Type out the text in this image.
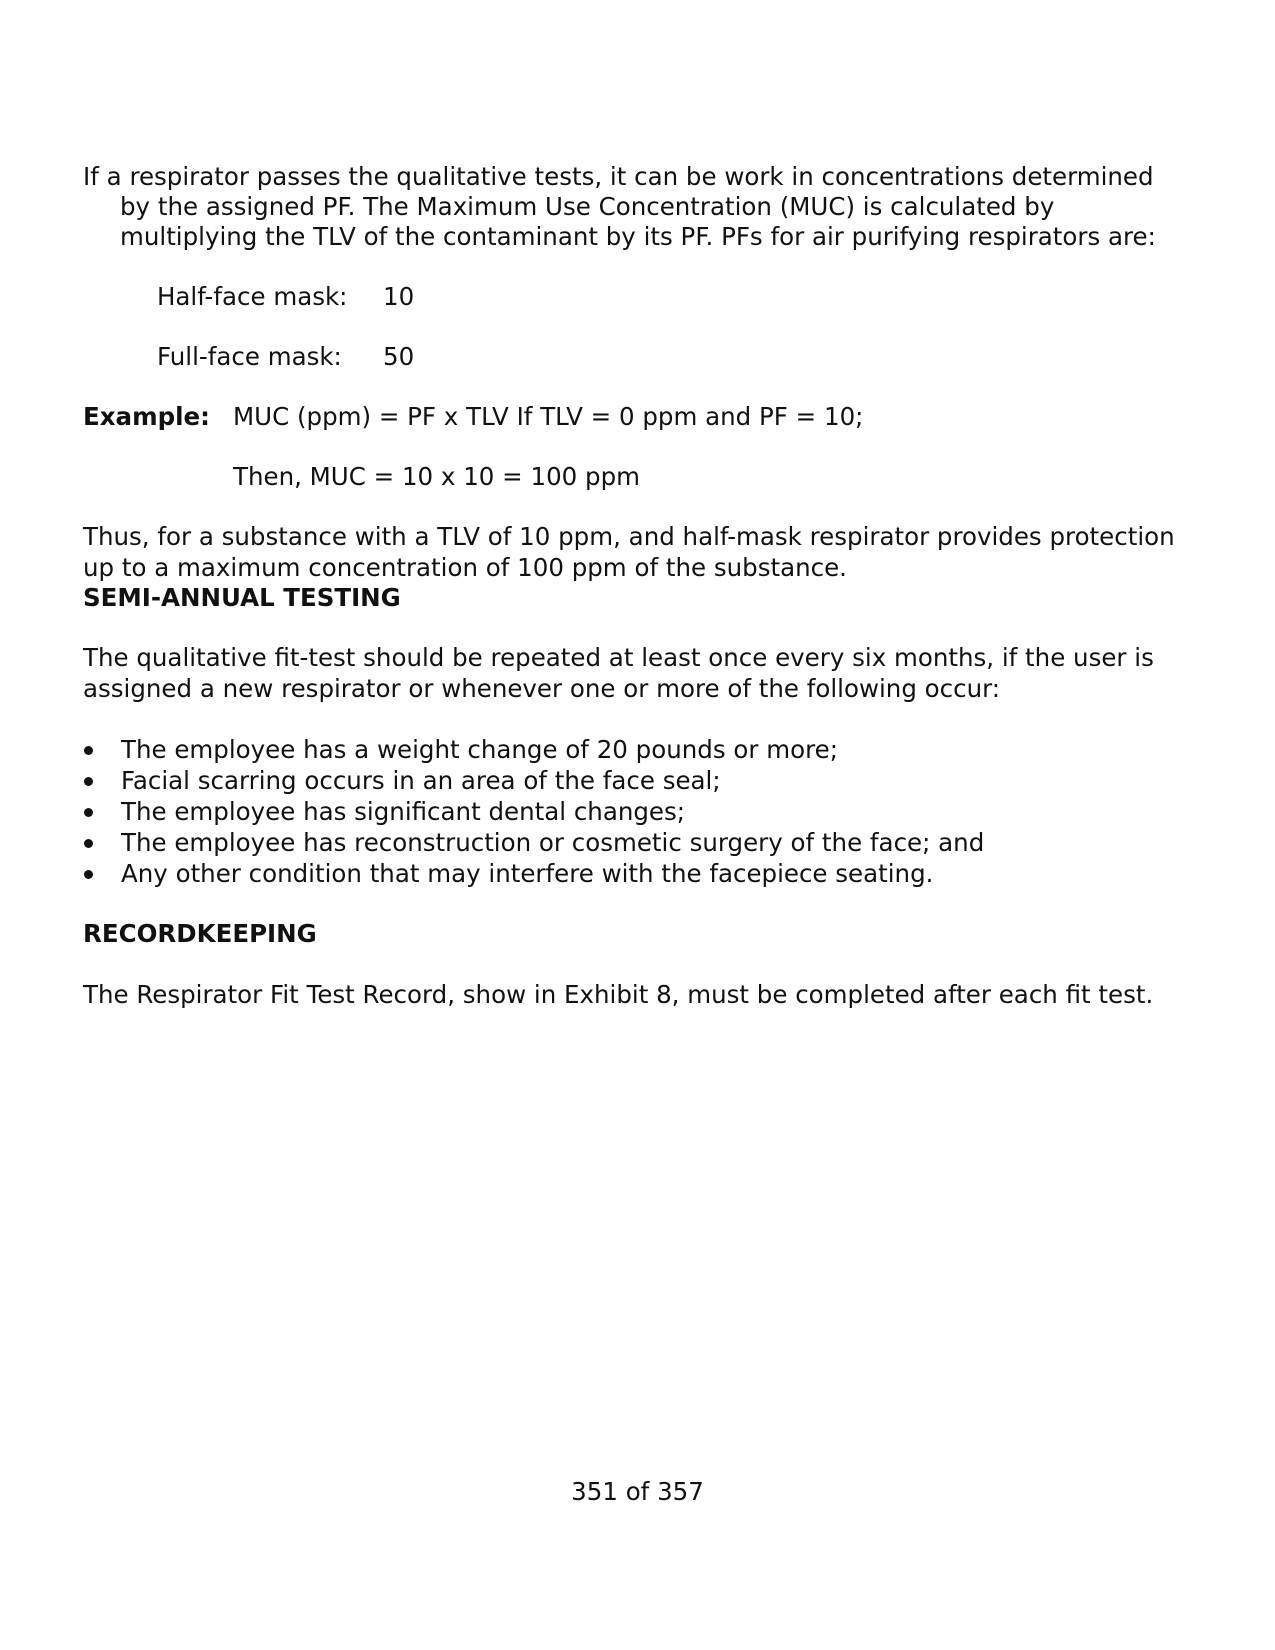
If a respirator passes the qualitative tests, it can be work in concentrations determined
by the assigned PF. The Maximum Use Concentration (MUC) is calculated by
multiplying the TLV of the contaminant by its PF. PFs for air purifying respirators are:
Half-face mask: 10
Full-face mask: 50
Example: MUC (ppm) = PF x TLV If TLV = 0 ppm and PF = 10;
Then, MUC = 10 x 10 = 100 ppm
Thus, for a substance with a TLV of 10 ppm, and half-mask respirator provides protection
up to a maximum concentration of 100 ppm of the substance.
SEMI-ANNUAL TESTING
The qualitative fit-test should be repeated at least once every six months, if the user is
assigned a new respirator or whenever one or more of the following occur:
The employee has a weight change of 20 pounds or more;
Facial scarring occurs in an area of the face seal;
The employee has significant dental changes;
The employee has reconstruction or cosmetic surgery of the face; and
Any other condition that may interfere with the facepiece seating.
RECORDKEEPING
The Respirator Fit Test Record, show in Exhibit 8, must be completed after each fit test.
351 of 357
